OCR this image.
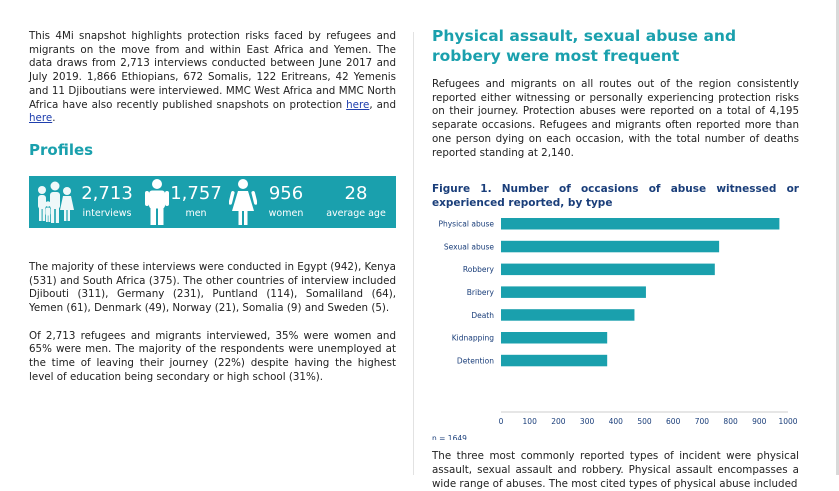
This 4Mi snapshot highlights protection risks faced by refugees and migrants on the move from and within East Africa and Yemen. The data draws from 2,713 interviews conducted between June 2017 and July 2019. 1,866 Ethiopians, 672 Somalis, 122 Eritreans, 42 Yemenis and 11 Djiboutians were interviewed. MMC West Africa and MMC North Africa have also recently published snapshots on protection here, and here.

Profiles
2,713
interviews
1,757
men
956
women
28
average age

The majority of these interviews were conducted in Egypt (942), Kenya (531) and South Africa (375). The other countries of interview included Djibouti (311), Germany (231), Puntland (114), Somaliland (64), Yemen (61), Denmark (49), Norway (21), Somalia (9) and Sweden (5).

Of 2,713 refugees and migrants interviewed, 35% were women and 65% were men. The majority of the respondents were unemployed at the time of leaving their journey (22%) despite having the highest level of education being secondary or high school (31%).

Physical assault, sexual abuse and robbery were most frequent

Refugees and migrants on all routes out of the region consistently reported either witnessing or personally experiencing protection risks on their journey. Protection abuses were reported on a total of 4,195 separate occasions. Refugees and migrants often reported more than one person dying on each occasion, with the total number of deaths reported standing at 2,140.

Figure 1. Number of occasions of abuse witnessed or experienced reported, by type
Physical abuse
Sexual abuse
Robbery
Bribery
Death
Kidnapping
Detention
0	100 200 300 400 500 600 700 800 900 1000
n = 1649

The three most commonly reported types of incident were physical assault, sexual assault and robbery. Physical assault encompasses a wide range of abuses. The most cited types of physical abuse included
